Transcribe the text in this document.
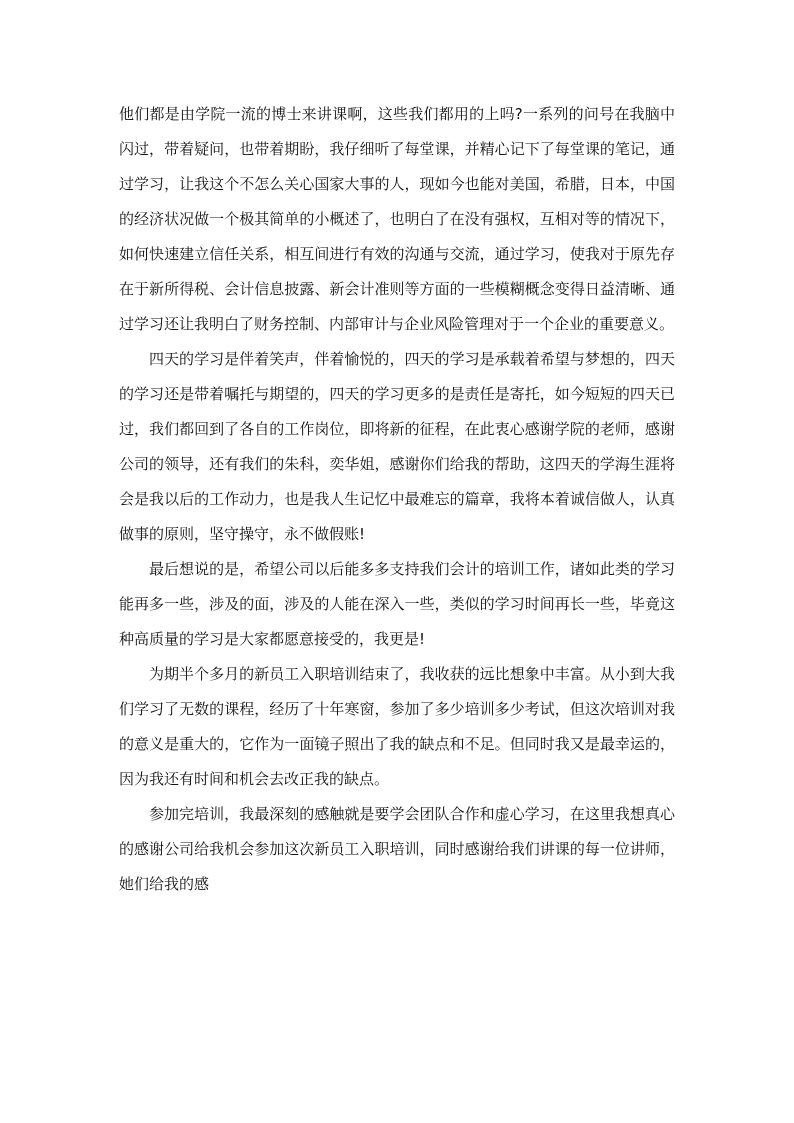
他们都是由学院一流的博士来讲课啊，这些我们都用的上吗?一系列的问号在我脑中闪过，带着疑问，也带着期盼，我仔细听了每堂课，并精心记下了每堂课的笔记，通过学习，让我这个不怎么关心国家大事的人，现如今也能对美国，希腊，日本，中国的经济状况做一个极其简单的小概述了，也明白了在没有强权，互相对等的情况下，如何快速建立信任关系，相互间进行有效的沟通与交流，通过学习，使我对于原先存在于新所得税、会计信息披露、新会计准则等方面的一些模糊概念变得日益清晰、通过学习还让我明白了财务控制、内部审计与企业风险管理对于一个企业的重要意义。

四天的学习是伴着笑声，伴着愉悦的，四天的学习是承载着希望与梦想的，四天的学习还是带着嘱托与期望的，四天的学习更多的是责任是寄托，如今短短的四天已过，我们都回到了各自的工作岗位，即将新的征程，在此衷心感谢学院的老师，感谢公司的领导，还有我们的朱科，奕华姐，感谢你们给我的帮助，这四天的学海生涯将会是我以后的工作动力，也是我人生记忆中最难忘的篇章，我将本着诚信做人，认真做事的原则，坚守操守，永不做假账!

最后想说的是，希望公司以后能多多支持我们会计的培训工作，诸如此类的学习能再多一些，涉及的面，涉及的人能在深入一些，类似的学习时间再长一些，毕竟这种高质量的学习是大家都愿意接受的，我更是!

为期半个多月的新员工入职培训结束了，我收获的远比想象中丰富。从小到大我们学习了无数的课程，经历了十年寒窗，参加了多少培训多少考试，但这次培训对我的意义是重大的，它作为一面镜子照出了我的缺点和不足。但同时我又是最幸运的，因为我还有时间和机会去改正我的缺点。

参加完培训，我最深刻的感触就是要学会团队合作和虚心学习，在这里我想真心的感谢公司给我机会参加这次新员工入职培训，同时感谢给我们讲课的每一位讲师，她们给我的感
